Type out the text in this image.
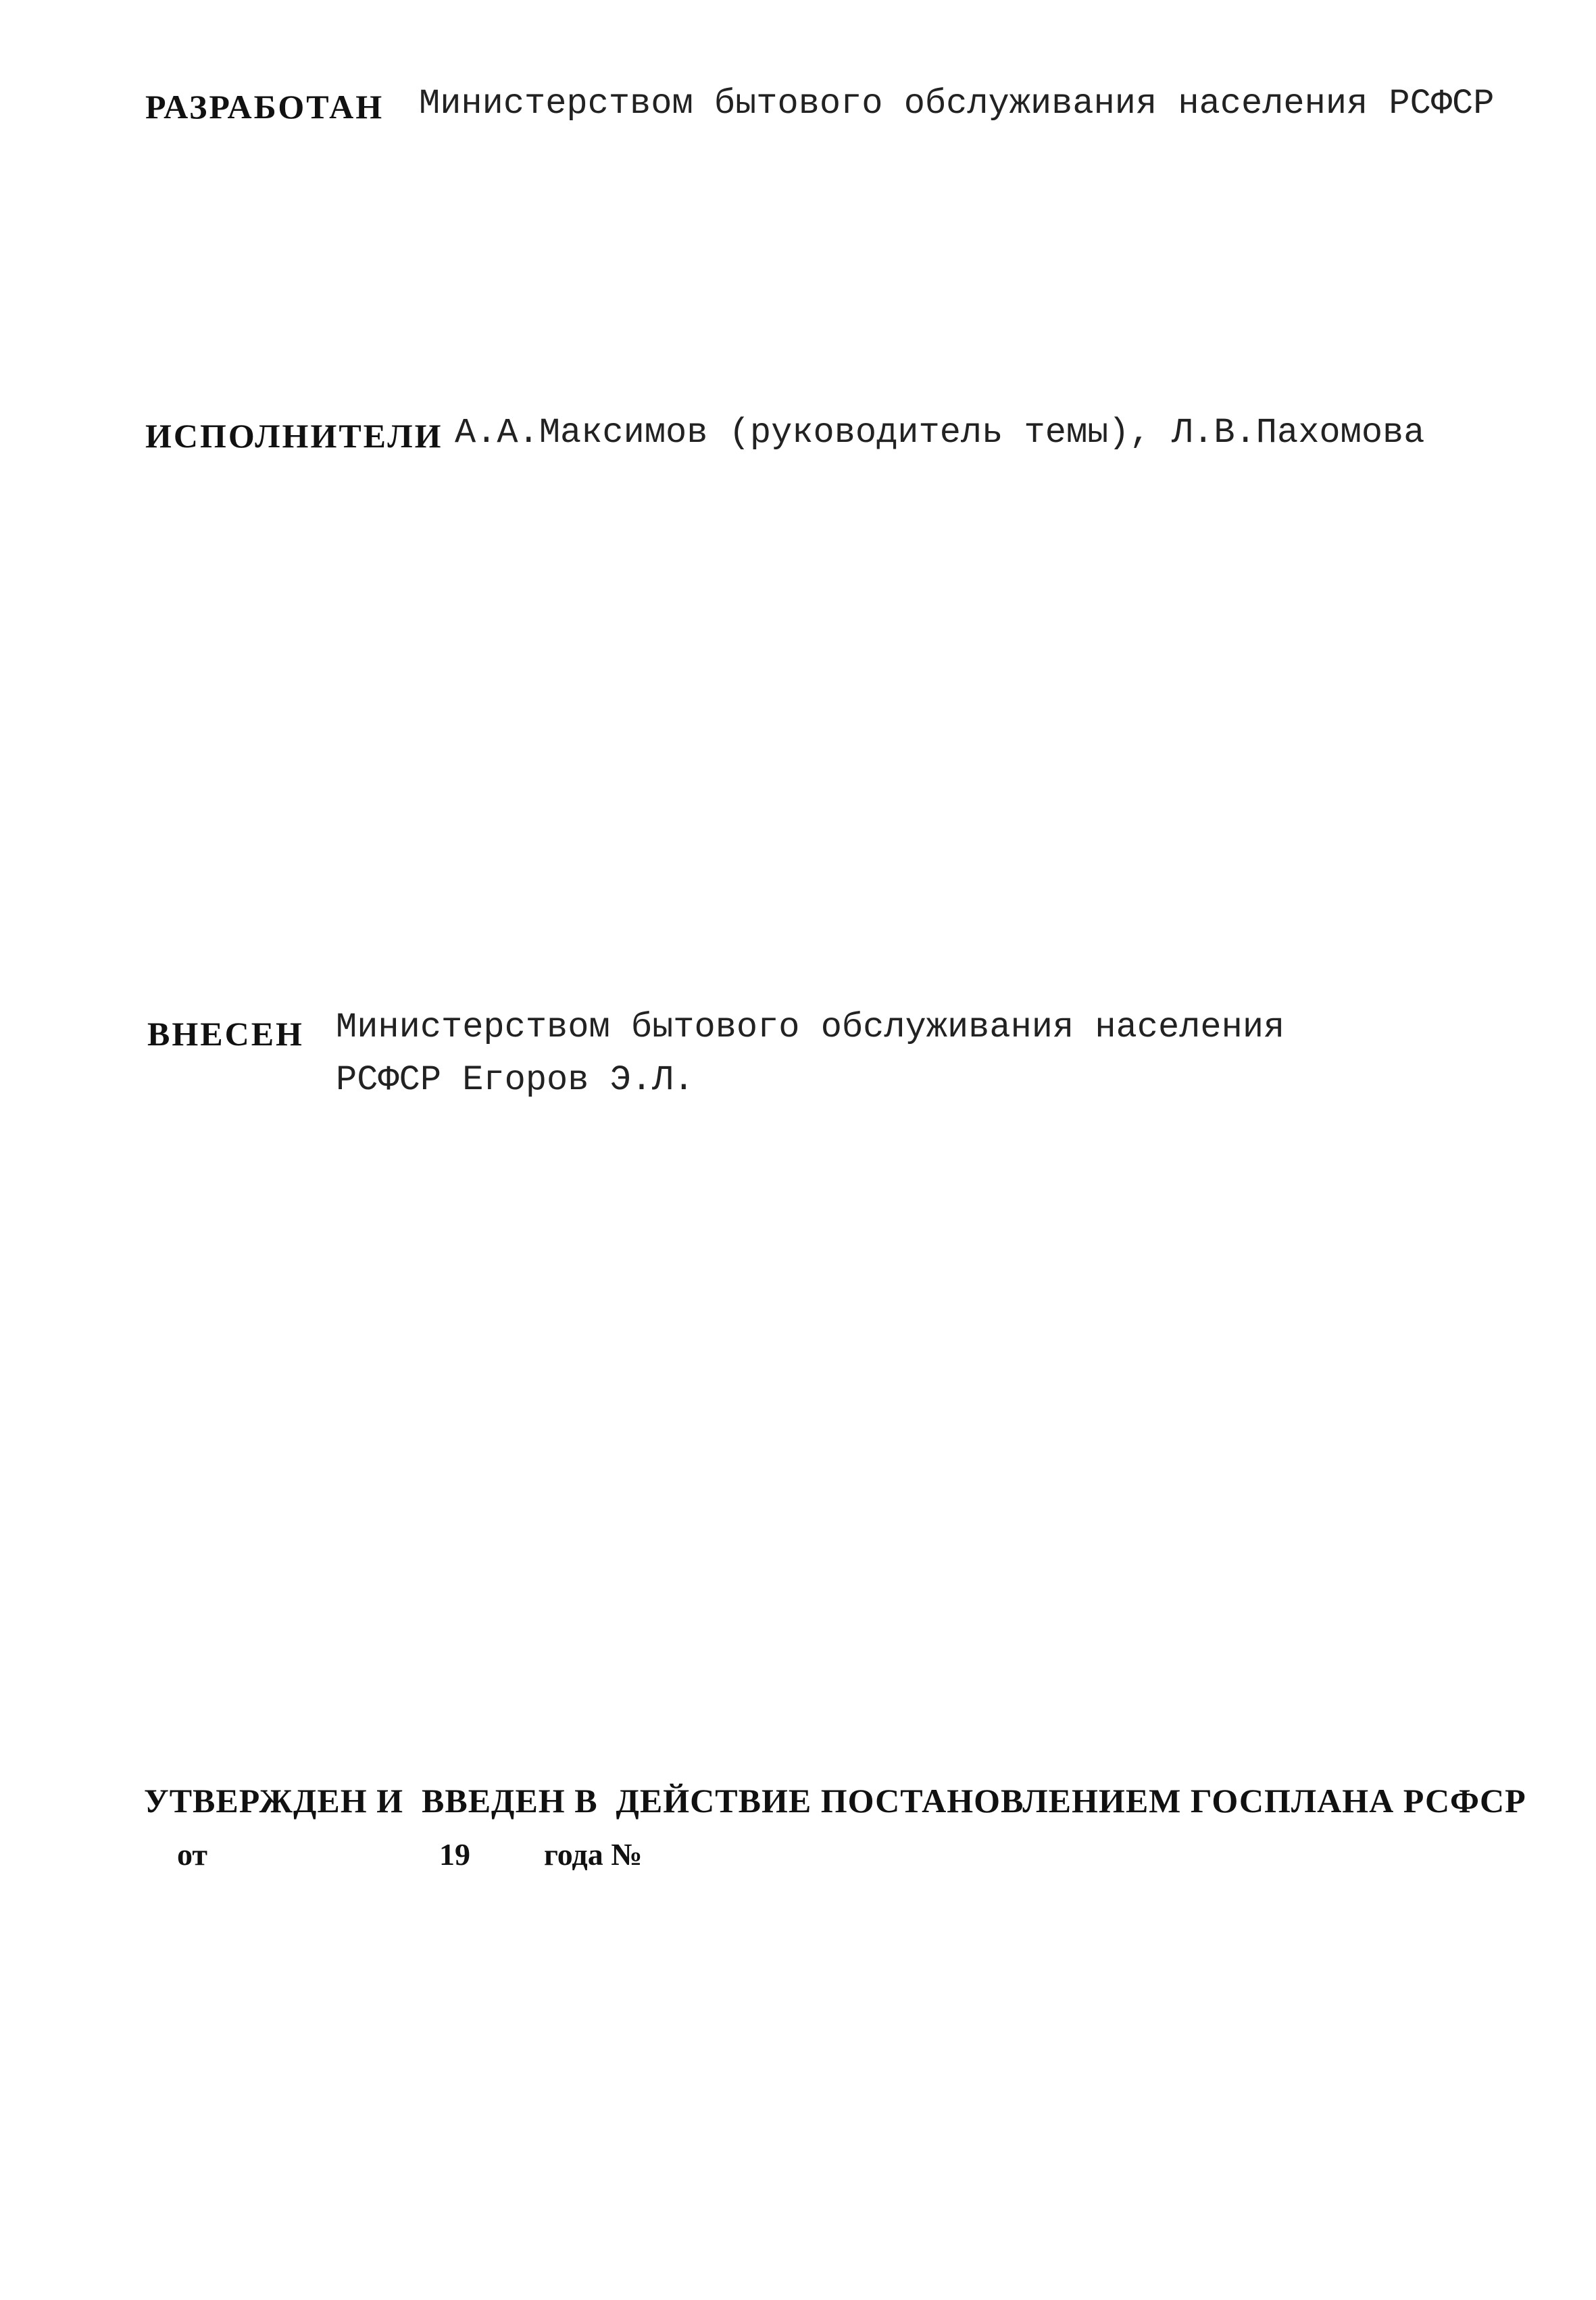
РАЗРАБОТАН Министерством бытового обслуживания населения РСФСР
ИСПОЛНИТЕЛИ А.А.Максимов (руководитель темы), Л.В.Пахомова
ВНЕСЕН Министерством бытового обслуживания населения
РСФСР Егоров Э.Л.
УТВЕРЖДЕН И  ВВЕДЕН В  ДЕЙСТВИЕ ПОСТАНОВЛЕНИЕМ ГОСПЛАНА РСФСР
от	19 года №
